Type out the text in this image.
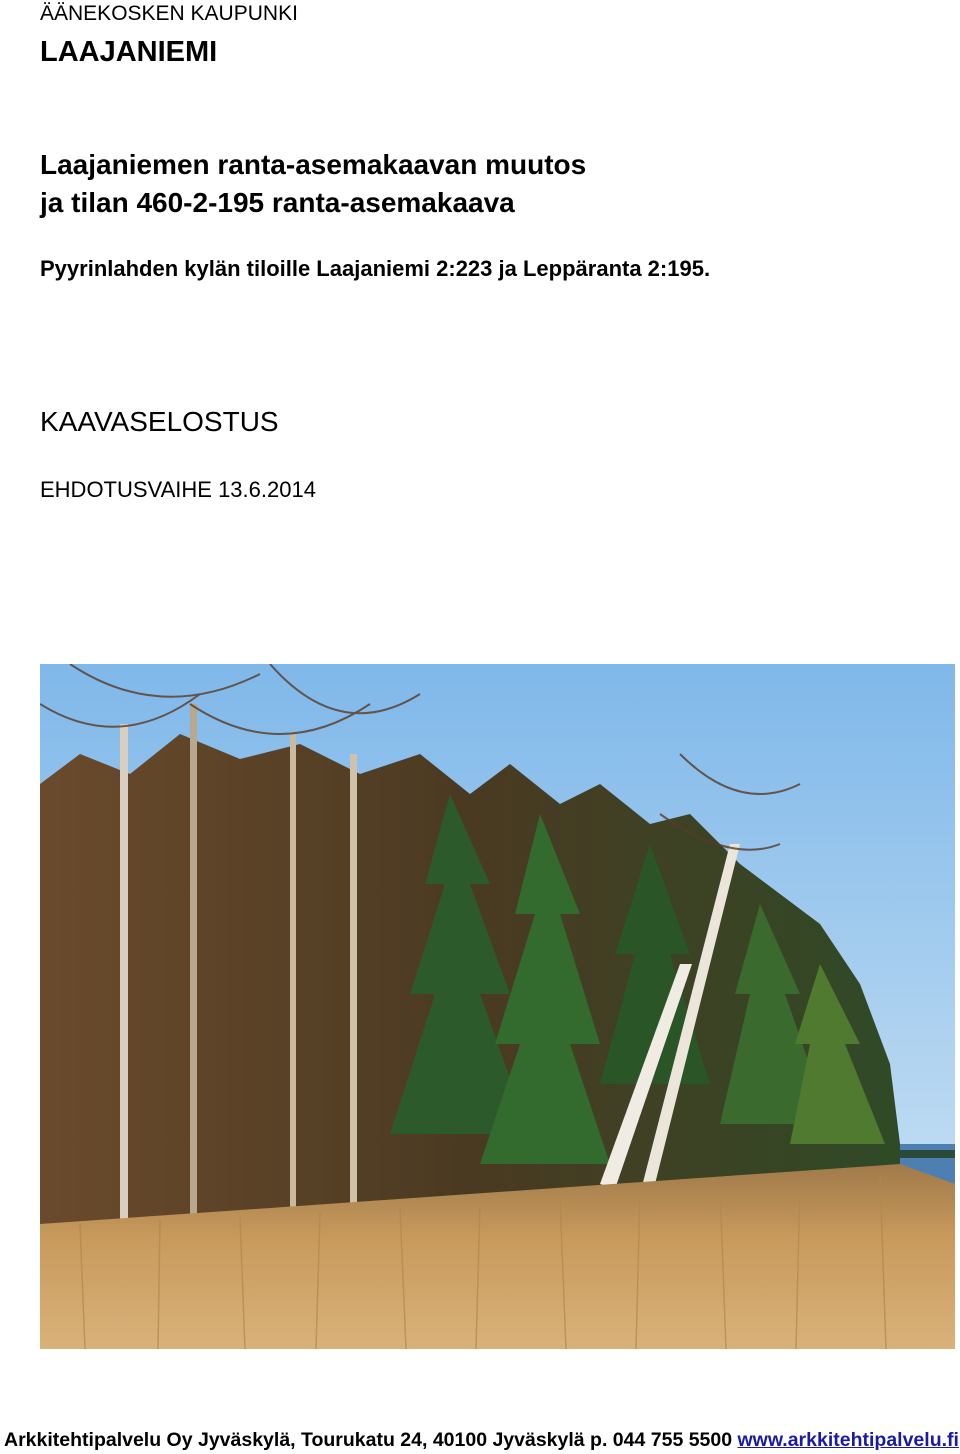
ÄÄNEKOSKEN KAUPUNKI
LAAJANIEMI
Laajaniemen ranta-asemakaavan muutos
ja tilan 460-2-195 ranta-asemakaava
Pyyrinlahden kylän tiloille Laajaniemi 2:223 ja Leppäranta 2:195.
KAAVASELOSTUS
EHDOTUSVAIHE 13.6.2014
Arkkitehtipalvelu Oy Jyväskylä, Tourukatu 24, 40100 Jyväskylä p. 044 755 5500 www.arkkitehtipalvelu.fi
